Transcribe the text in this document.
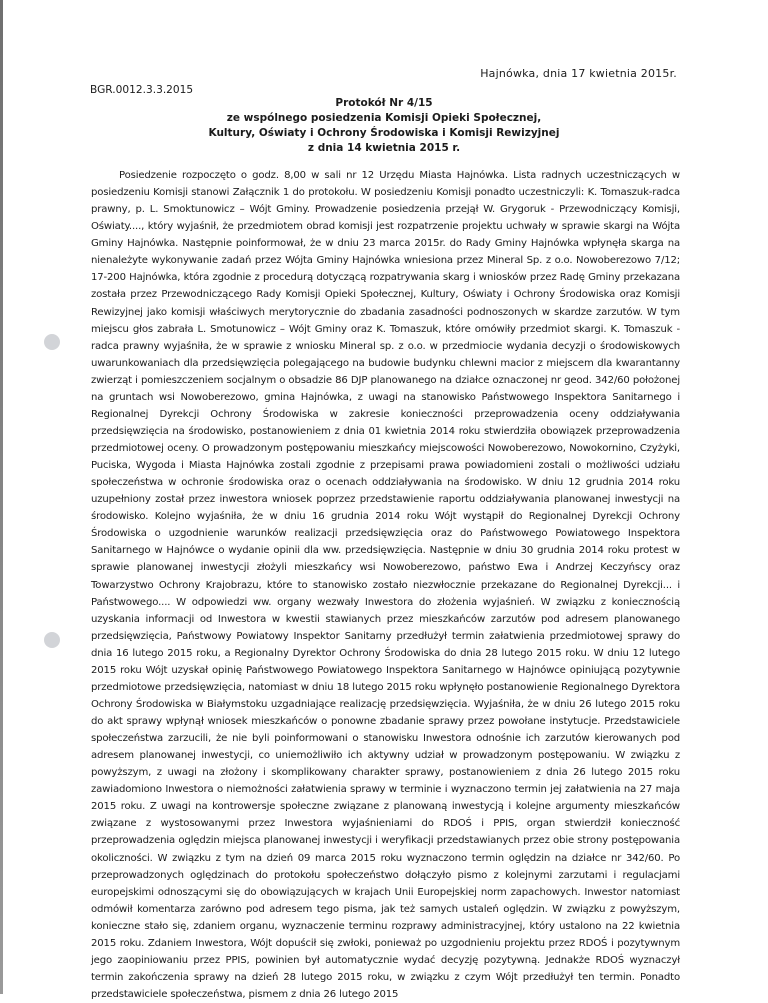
Hajnówka, dnia 17 kwietnia 2015r.
BGR.0012.3.3.2015
Protokół Nr 4/15
ze wspólnego posiedzenia Komisji Opieki Społecznej,
Kultury, Oświaty i Ochrony Środowiska i Komisji Rewizyjnej
z dnia 14 kwietnia 2015 r.

Posiedzenie rozpoczęto o godz. 8,00 w sali nr 12 Urzędu Miasta Hajnówka. Lista radnych uczestniczących w posiedzeniu Komisji stanowi Załącznik 1 do protokołu. W posiedzeniu Komisji ponadto uczestniczyli: K. Tomaszuk-radca prawny, p. L. Smoktunowicz – Wójt Gminy. Prowadzenie posiedzenia przejął W. Grygoruk - Przewodniczący Komisji, Oświaty...., który wyjaśnił, że przedmiotem obrad komisji jest rozpatrzenie projektu uchwały w sprawie skargi na Wójta Gminy Hajnówka. Następnie poinformował, że w dniu 23 marca 2015r. do Rady Gminy Hajnówka wpłynęła skarga na nienależyte wykonywanie zadań przez Wójta Gminy Hajnówka wniesiona przez Mineral Sp. z o.o. Nowoberezowo 7/12; 17-200 Hajnówka, która zgodnie z procedurą dotyczącą rozpatrywania skarg i wniosków przez Radę Gminy przekazana została przez Przewodniczącego Rady Komisji Opieki Społecznej, Kultury, Oświaty i Ochrony Środowiska oraz Komisji Rewizyjnej jako komisji właściwych merytorycznie do zbadania zasadności podnoszonych w skardze zarzutów. W tym miejscu głos zabrała L. Smotunowicz – Wójt Gminy oraz K. Tomaszuk, które omówiły przedmiot skargi. K. Tomaszuk - radca prawny wyjaśniła, że w sprawie z wniosku Mineral sp. z o.o. w przedmiocie wydania decyzji o środowiskowych uwarunkowaniach dla przedsięwzięcia polegającego na budowie budynku chlewni macior z miejscem dla kwarantanny zwierząt i pomieszczeniem socjalnym o obsadzie 86 DJP planowanego na działce oznaczonej nr geod. 342/60 położonej na gruntach wsi Nowoberezowo, gmina Hajnówka, z uwagi na stanowisko Państwowego Inspektora Sanitarnego i Regionalnej Dyrekcji Ochrony Środowiska w zakresie konieczności przeprowadzenia oceny oddziaływania przedsięwzięcia na środowisko, postanowieniem z dnia 01 kwietnia 2014 roku stwierdziła obowiązek przeprowadzenia przedmiotowej oceny. O prowadzonym postępowaniu mieszkańcy miejscowości Nowoberezowo, Nowokornino, Czyżyki, Puciska, Wygoda i Miasta Hajnówka zostali zgodnie z przepisami prawa powiadomieni zostali o możliwości udziału społeczeństwa w ochronie środowiska oraz o ocenach oddziaływania na środowisko. W dniu 12 grudnia 2014 roku uzupełniony został przez inwestora wniosek poprzez przedstawienie raportu oddziaływania planowanej inwestycji na środowisko. Kolejno wyjaśniła, że w dniu 16 grudnia 2014 roku Wójt wystąpił do Regionalnej Dyrekcji Ochrony Środowiska o uzgodnienie warunków realizacji przedsięwzięcia oraz do Państwowego Powiatowego Inspektora Sanitarnego w Hajnówce o wydanie opinii dla ww. przedsięwzięcia. Następnie w dniu 30 grudnia 2014 roku protest w sprawie planowanej inwestycji złożyli mieszkańcy wsi Nowoberezowo, państwo Ewa i Andrzej Keczyńscy oraz Towarzystwo Ochrony Krajobrazu, które to stanowisko zostało niezwłocznie przekazane do Regionalnej Dyrekcji... i Państwowego.... W odpowiedzi ww. organy wezwały Inwestora do złożenia wyjaśnień. W związku z koniecznością uzyskania informacji od Inwestora w kwestii stawianych przez mieszkańców zarzutów pod adresem planowanego przedsięwzięcia, Państwowy Powiatowy Inspektor Sanitarny przedłużył termin załatwienia przedmiotowej sprawy do dnia 16 lutego 2015 roku, a Regionalny Dyrektor Ochrony Środowiska do dnia 28 lutego 2015 roku. W dniu 12 lutego 2015 roku Wójt uzyskał opinię Państwowego Powiatowego Inspektora Sanitarnego w Hajnówce opiniującą pozytywnie przedmiotowe przedsięwzięcia, natomiast w dniu 18 lutego 2015 roku wpłynęło postanowienie Regionalnego Dyrektora Ochrony Środowiska w Białymstoku uzgadniające realizację przedsięwzięcia. Wyjaśniła, że w dniu 26 lutego 2015 roku do akt sprawy wpłynął wniosek mieszkańców o ponowne zbadanie sprawy przez powołane instytucje. Przedstawiciele społeczeństwa zarzucili, że nie byli poinformowani o stanowisku Inwestora odnośnie ich zarzutów kierowanych pod adresem planowanej inwestycji, co uniemożliwiło ich aktywny udział w prowadzonym postępowaniu. W związku z powyższym, z uwagi na złożony i skomplikowany charakter sprawy, postanowieniem z dnia 26 lutego 2015 roku zawiadomiono Inwestora o niemożności załatwienia sprawy w terminie i wyznaczono termin jej załatwienia na 27 maja 2015 roku. Z uwagi na kontrowersje społeczne związane z planowaną inwestycją i kolejne argumenty mieszkańców związane z wystosowanymi przez Inwestora wyjaśnieniami do RDOŚ i PPIS, organ stwierdził konieczność przeprowadzenia oględzin miejsca planowanej inwestycji i weryfikacji przedstawianych przez obie strony postępowania okoliczności. W związku z tym na dzień 09 marca 2015 roku wyznaczono termin oględzin na działce nr 342/60. Po przeprowadzonych oględzinach do protokołu społeczeństwo dołączyło pismo z kolejnymi zarzutami i regulacjami europejskimi odnoszącymi się do obowiązujących w krajach Unii Europejskiej norm zapachowych. Inwestor natomiast odmówił komentarza zarówno pod adresem tego pisma, jak też samych ustaleń oględzin. W związku z powyższym, konieczne stało się, zdaniem organu, wyznaczenie terminu rozprawy administracyjnej, który ustalono na 22 kwietnia 2015 roku. Zdaniem Inwestora, Wójt dopuścił się zwłoki, ponieważ po uzgodnieniu projektu przez RDOŚ i pozytywnym jego zaopiniowaniu przez PPIS, powinien był automatycznie wydać decyzję pozytywną. Jednakże RDOŚ wyznaczył termin zakończenia sprawy na dzień 28 lutego 2015 roku, w związku z czym Wójt przedłużył ten termin. Ponadto przedstawiciele społeczeństwa, pismem z dnia 26 lutego 2015
